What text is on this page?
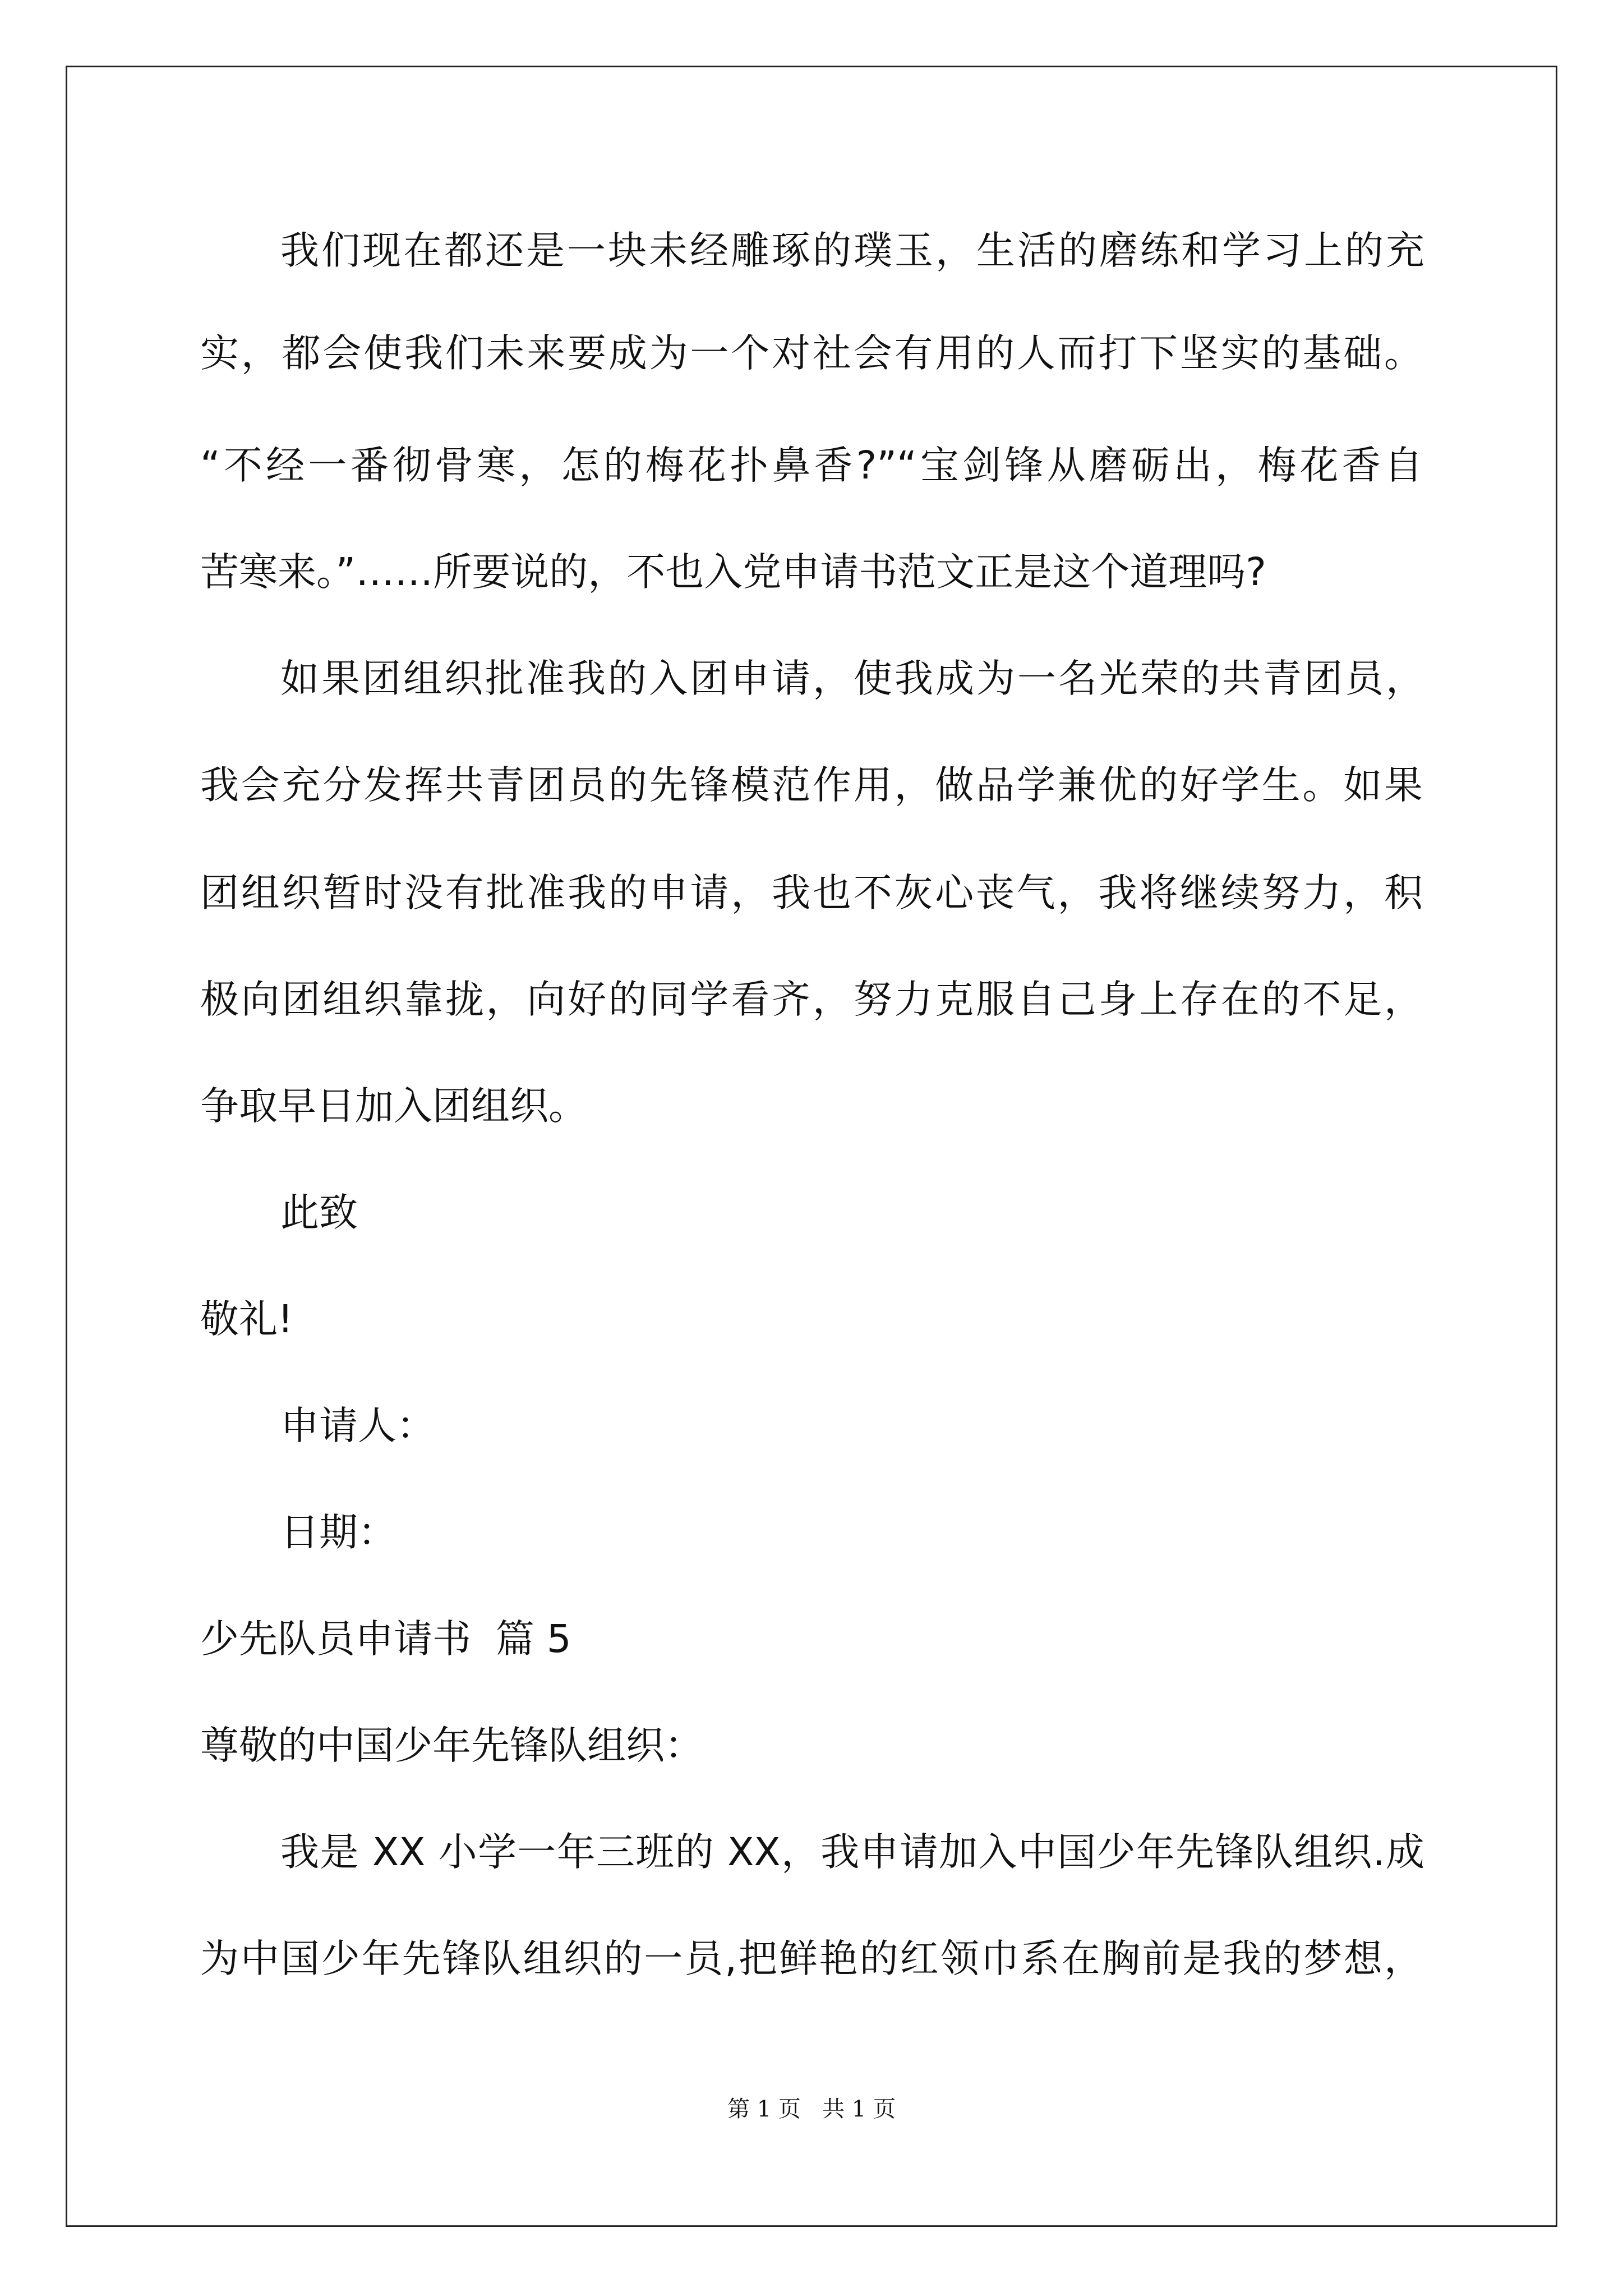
我们现在都还是一块未经雕琢的璞玉，生活的磨练和学习上的充
实，都会使我们未来要成为一个对社会有用的人而打下坚实的基础。
“不经一番彻骨寒，怎的梅花扑鼻香?”“宝剑锋从磨砺出，梅花香自
苦寒来。”……所要说的，不也入党申请书范文正是这个道理吗?
如果团组织批准我的入团申请，使我成为一名光荣的共青团员，
我会充分发挥共青团员的先锋模范作用，做品学兼优的好学生。如果
团组织暂时没有批准我的申请，我也不灰心丧气，我将继续努力，积
极向团组织靠拢，向好的同学看齐，努力克服自己身上存在的不足，
争取早日加入团组织。
此致
敬礼!
申请人：
日期：
少先队员申请书  篇 5
尊敬的中国少年先锋队组织：
我是 XX 小学一年三班的 XX，我申请加入中国少年先锋队组织.成
为中国少年先锋队组织的一员,把鲜艳的红领巾系在胸前是我的梦想，
第 1 页   共 1 页
